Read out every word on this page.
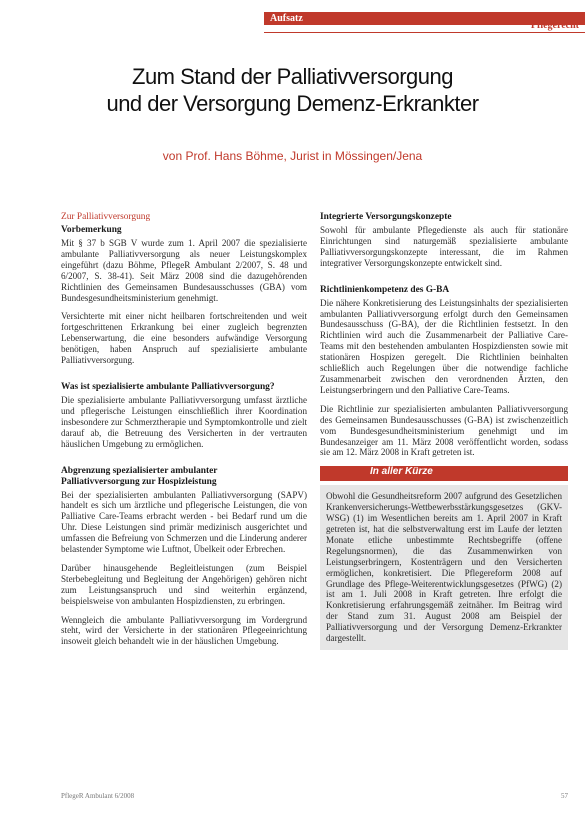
Aufsatz
Pflegerecht
Zum Stand der Palliativversorgung
und der Versorgung Demenz-Erkrankter
von Prof. Hans Böhme, Jurist in Mössingen/Jena
Zur Palliativversorgung
Vorbemerkung

Mit § 37 b SGB V wurde zum 1. April 2007 die spezialisierte ambulante Palliativversorgung als neuer Leistungskomplex eingeführt (dazu Böhme, PflegeR Ambulant 2/2007, S. 48 und 6/2007, S. 38-41). Seit März 2008 sind die dazugehörenden Richtlinien des Gemeinsamen Bundesausschusses (GBA) vom Bundesgesundheitsministerium genehmigt.

Versichterte mit einer nicht heilbaren fortschreitenden und weit fortgeschrittenen Erkrankung bei einer zugleich begrenzten Lebenserwartung, die eine besonders aufwändige Versorgung benötigen, haben Anspruch auf spezialisierte ambulante Palliativversorgung.

Was ist spezialisierte ambulante Palliativversorgung?

Die spezialisierte ambulante Palliativversorgung umfasst ärztliche und pflegerische Leistungen einschließlich ihrer Koordination insbesondere zur Schmerztherapie und Symptomkontrolle und zielt darauf ab, die Betreuung des Versicherten in der vertrauten häuslichen Umgebung zu ermöglichen.

Abgrenzung spezialisierter ambulanter
Palliativversorgung zur Hospizleistung

Bei der spezialisierten ambulanten Palliativversorgung (SAPV) handelt es sich um ärztliche und pflegerische Leistungen, die von Palliative Care-Teams erbracht werden - bei Bedarf rund um die Uhr. Diese Leistungen sind primär medizinisch ausgerichtet und umfassen die Befreiung von Schmerzen und die Linderung anderer belastender Symptome wie Luftnot, Übelkeit oder Erbrechen.

Darüber hinausgehende Begleitleistungen (zum Beispiel Sterbebegleitung und Begleitung der Angehörigen) gehören nicht zum Leistungsanspruch und sind weiterhin ergänzend, beispielsweise von ambulanten Hospizdiensten, zu erbringen.

Wenngleich die ambulante Palliativversorgung im Vordergrund steht, wird der Versicherte in der stationären Pflegeeinrichtung insoweit gleich behandelt wie in der häuslichen Umgebung.

Integrierte Versorgungskonzepte

Sowohl für ambulante Pflegedienste als auch für stationäre Einrichtungen sind naturgemäß spezialisierte ambulante Palliativversorgungskonzepte interessant, die im Rahmen integrativer Versorgungskonzepte entwickelt sind.

Richtlinienkompetenz des G-BA

Die nähere Konkretisierung des Leistungsinhalts der spezialisierten ambulanten Palliativversorgung erfolgt durch den Gemeinsamen Bundesausschuss (G-BA), der die Richtlinien festsetzt. In den Richtlinien wird auch die Zusammenarbeit der Palliative Care-Teams mit den bestehenden ambulanten Hospizdiensten sowie mit stationären Hospizen geregelt. Die Richtlinien beinhalten schließlich auch Regelungen über die notwendige fachliche Zusammenarbeit zwischen den verordnenden Ärzten, den Leistungserbringern und den Palliative Care-Teams.

Die Richtlinie zur spezialisierten ambulanten Palliativversorgung des Gemeinsamen Bundesausschusses (G-BA) ist zwischenzeitlich vom Bundesgesundheitsministerium genehmigt und im Bundesanzeiger am 11. März 2008 veröffentlicht worden, sodass sie am 12. März 2008 in Kraft getreten ist.

In aller Kürze

Obwohl die Gesundheitsreform 2007 aufgrund des Gesetzlichen Krankenversicherungs-Wettbewerbsstärkungsgesetzes (GKV-WSG) (1) im Wesentlichen bereits am 1. April 2007 in Kraft getreten ist, hat die selbstverwaltung erst im Laufe der letzten Monate etliche unbestimmte Rechtsbegriffe (offene Regelungsnormen), die das Zusammenwirken von Leistungserbringern, Kostenträgern und den Versicherten ermöglichen, konkretisiert. Die Pflegereform 2008 auf Grundlage des Pflege-Weiterentwicklungsgesetzes (PfWG) (2) ist am 1. Juli 2008 in Kraft getreten. Ihre erfolgt die Konkretisierung erfahrungsgemäß zeitnäher. Im Beitrag wird der Stand zum 31. August 2008 am Beispiel der Palliativversorgung und der Versorgung Demenz-Erkrankter dargestellt.

PflegeR Ambulant 6/2008	57
